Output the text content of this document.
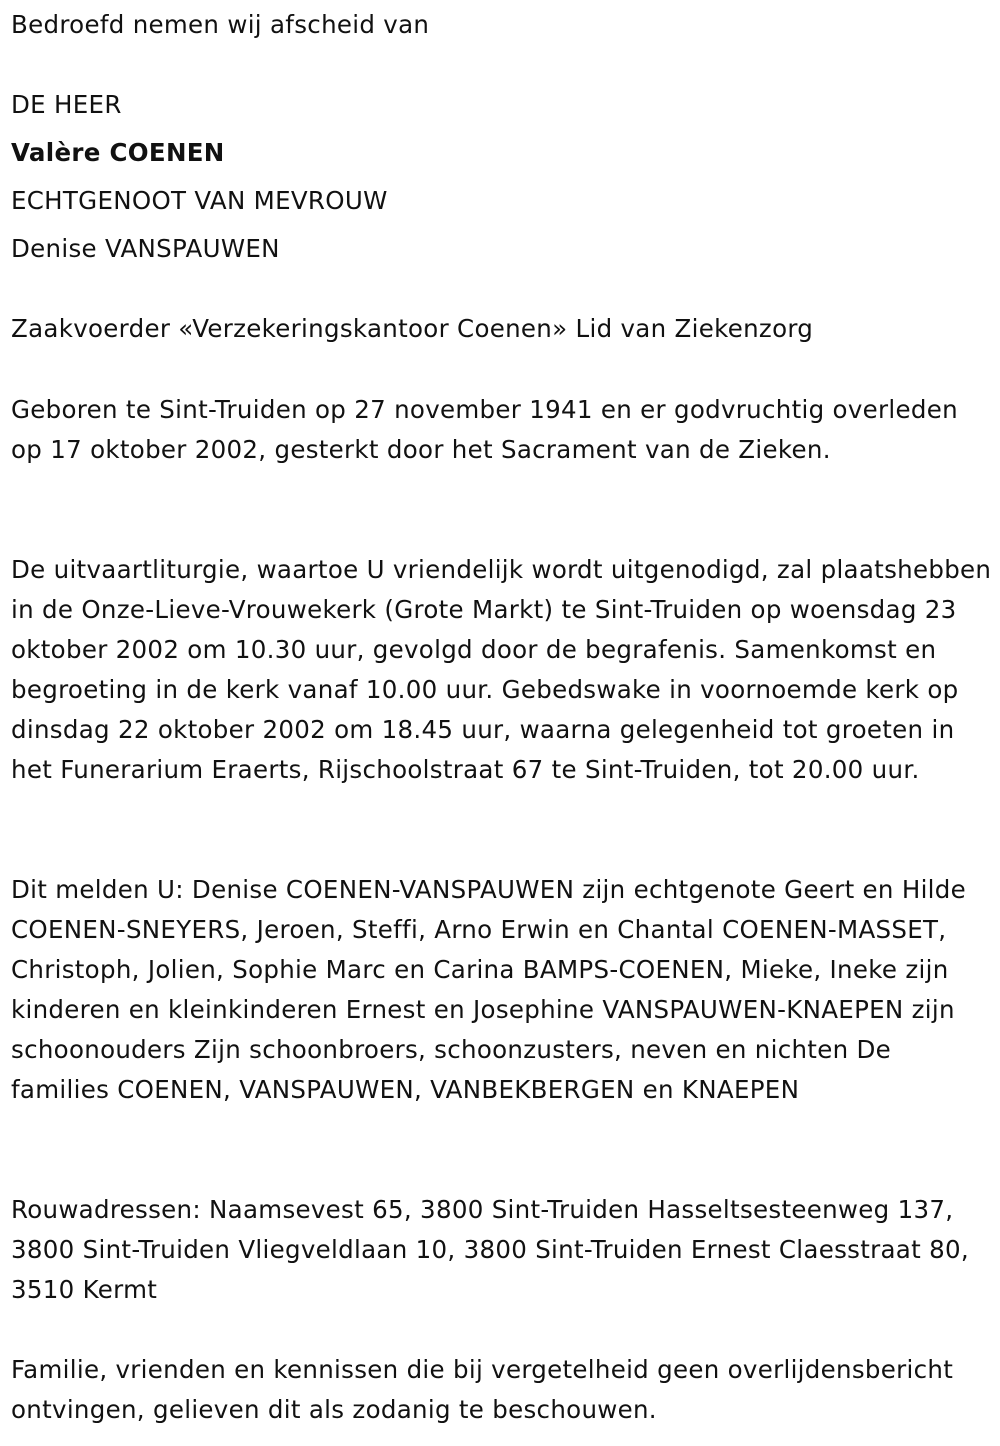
Bedroefd nemen wij afscheid van
DE HEER
Valère COENEN
ECHTGENOOT VAN MEVROUW
Denise VANSPAUWEN
Zaakvoerder «Verzekeringskantoor Coenen» Lid van Ziekenzorg
Geboren te Sint-Truiden op 27 november 1941 en er godvruchtig overleden op 17 oktober 2002, gesterkt door het Sacrament van de Zieken.
De uitvaartliturgie, waartoe U vriendelijk wordt uitgenodigd, zal plaatshebben in de Onze-Lieve-Vrouwekerk (Grote Markt) te Sint-Truiden op woensdag 23 oktober 2002 om 10.30 uur, gevolgd door de begrafenis. Samenkomst en begroeting in de kerk vanaf 10.00 uur. Gebedswake in voornoemde kerk op dinsdag 22 oktober 2002 om 18.45 uur, waarna gelegenheid tot groeten in het Funerarium Eraerts, Rijschoolstraat 67 te Sint-Truiden, tot 20.00 uur.
Dit melden U: Denise COENEN-VANSPAUWEN zijn echtgenote Geert en Hilde COENEN-SNEYERS, Jeroen, Steffi, Arno Erwin en Chantal COENEN-MASSET, Christoph, Jolien, Sophie Marc en Carina BAMPS-COENEN, Mieke, Ineke zijn kinderen en kleinkinderen Ernest en Josephine VANSPAUWEN-KNAEPEN zijn schoonouders Zijn schoonbroers, schoonzusters, neven en nichten De families COENEN, VANSPAUWEN, VANBEKBERGEN en KNAEPEN
Rouwadressen: Naamsevest 65, 3800 Sint-Truiden Hasseltsesteenweg 137, 3800 Sint-Truiden Vliegveldlaan 10, 3800 Sint-Truiden Ernest Claesstraat 80, 3510 Kermt
Familie, vrienden en kennissen die bij vergetelheid geen overlijdensbericht ontvingen, gelieven dit als zodanig te beschouwen.
